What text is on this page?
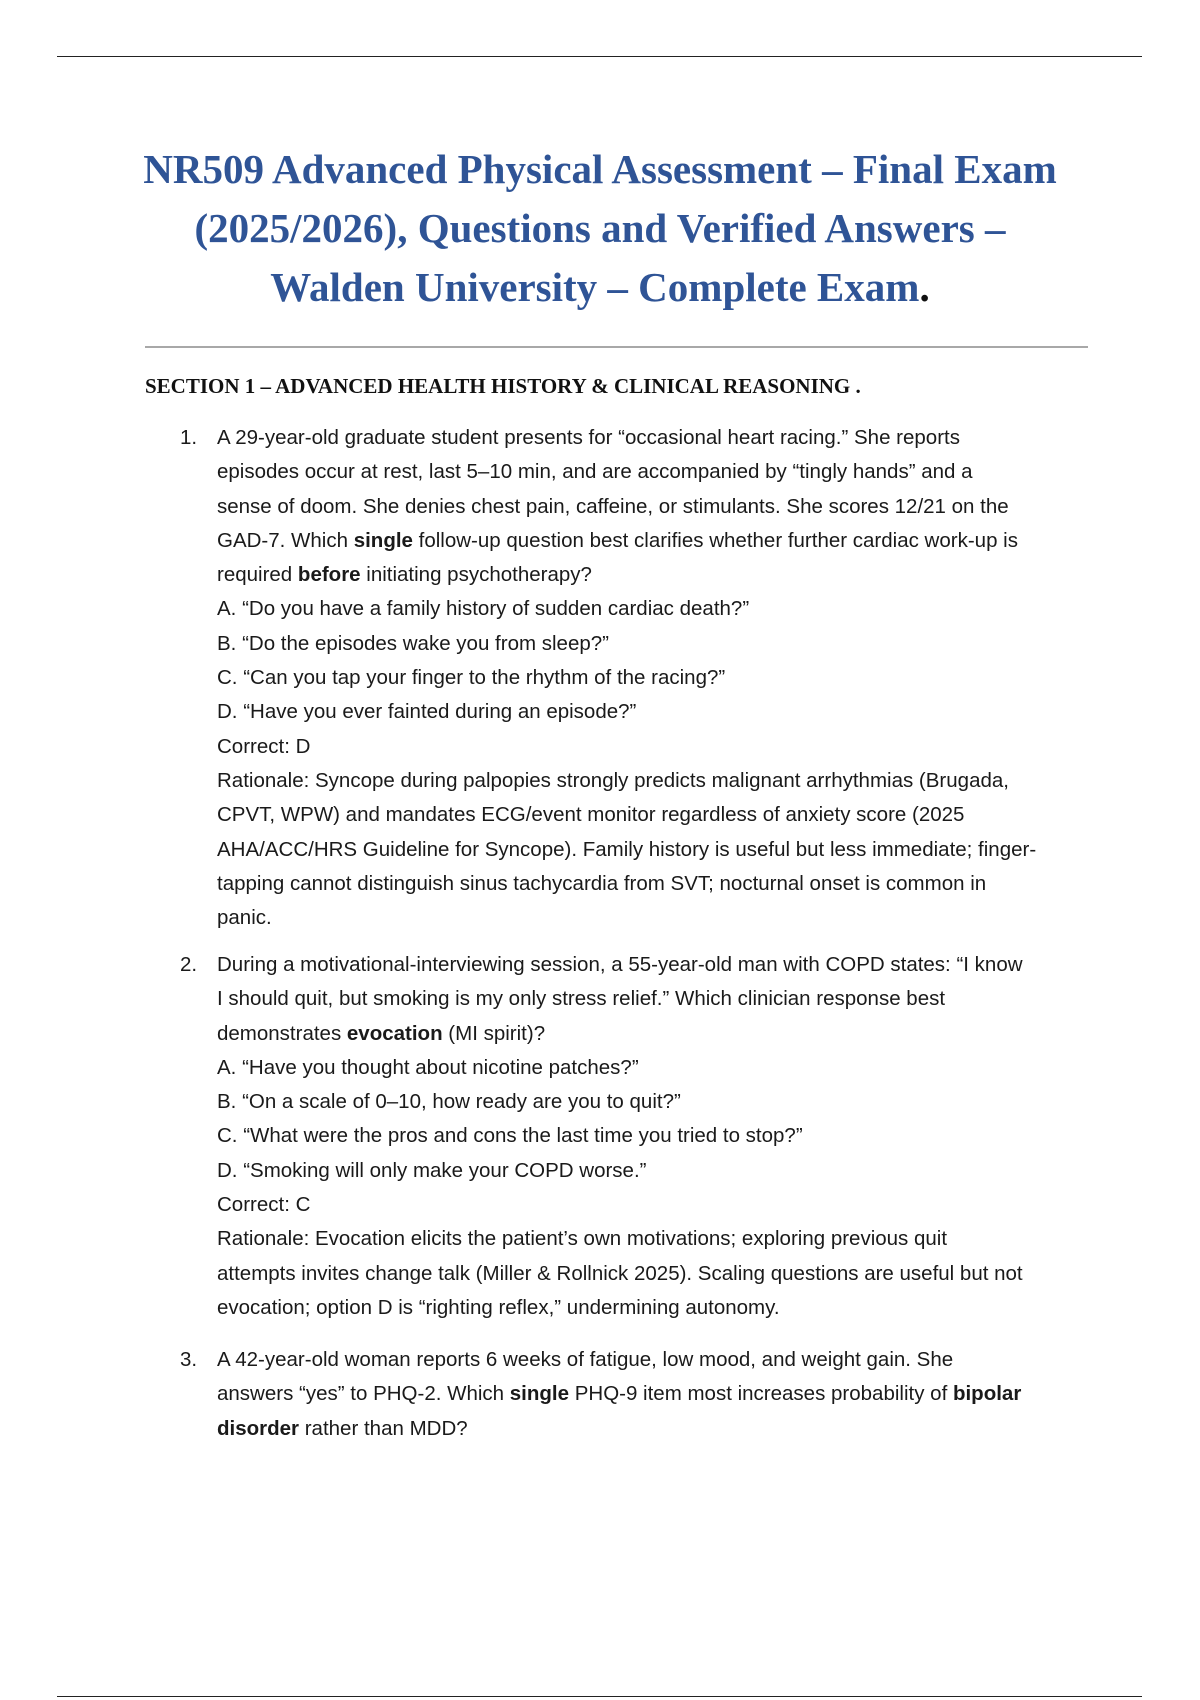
NR509 Advanced Physical Assessment – Final Exam (2025/2026), Questions and Verified Answers – Walden University – Complete Exam.
SECTION 1 – ADVANCED HEALTH HISTORY & CLINICAL REASONING .
1. A 29-year-old graduate student presents for “occasional heart racing.” She reports
episodes occur at rest, last 5–10 min, and are accompanied by “tingly hands” and a
sense of doom. She denies chest pain, caffeine, or stimulants. She scores 12/21 on the
GAD-7. Which single follow-up question best clarifies whether further cardiac work-up is
required before initiating psychotherapy?
A. “Do you have a family history of sudden cardiac death?”
B. “Do the episodes wake you from sleep?”
C. “Can you tap your finger to the rhythm of the racing?”
D. “Have you ever fainted during an episode?”
Correct: D
Rationale: Syncope during palpopies strongly predicts malignant arrhythmias (Brugada,
CPVT, WPW) and mandates ECG/event monitor regardless of anxiety score (2025
AHA/ACC/HRS Guideline for Syncope). Family history is useful but less immediate; finger-
tapping cannot distinguish sinus tachycardia from SVT; nocturnal onset is common in
panic.
2. During a motivational-interviewing session, a 55-year-old man with COPD states: “I know
I should quit, but smoking is my only stress relief.” Which clinician response best
demonstrates evocation (MI spirit)?
A. “Have you thought about nicotine patches?”
B. “On a scale of 0–10, how ready are you to quit?”
C. “What were the pros and cons the last time you tried to stop?”
D. “Smoking will only make your COPD worse.”
Correct: C
Rationale: Evocation elicits the patient’s own motivations; exploring previous quit
attempts invites change talk (Miller & Rollnick 2025). Scaling questions are useful but not
evocation; option D is “righting reflex,” undermining autonomy.
3. A 42-year-old woman reports 6 weeks of fatigue, low mood, and weight gain. She
answers “yes” to PHQ-2. Which single PHQ-9 item most increases probability of bipolar
disorder rather than MDD?
